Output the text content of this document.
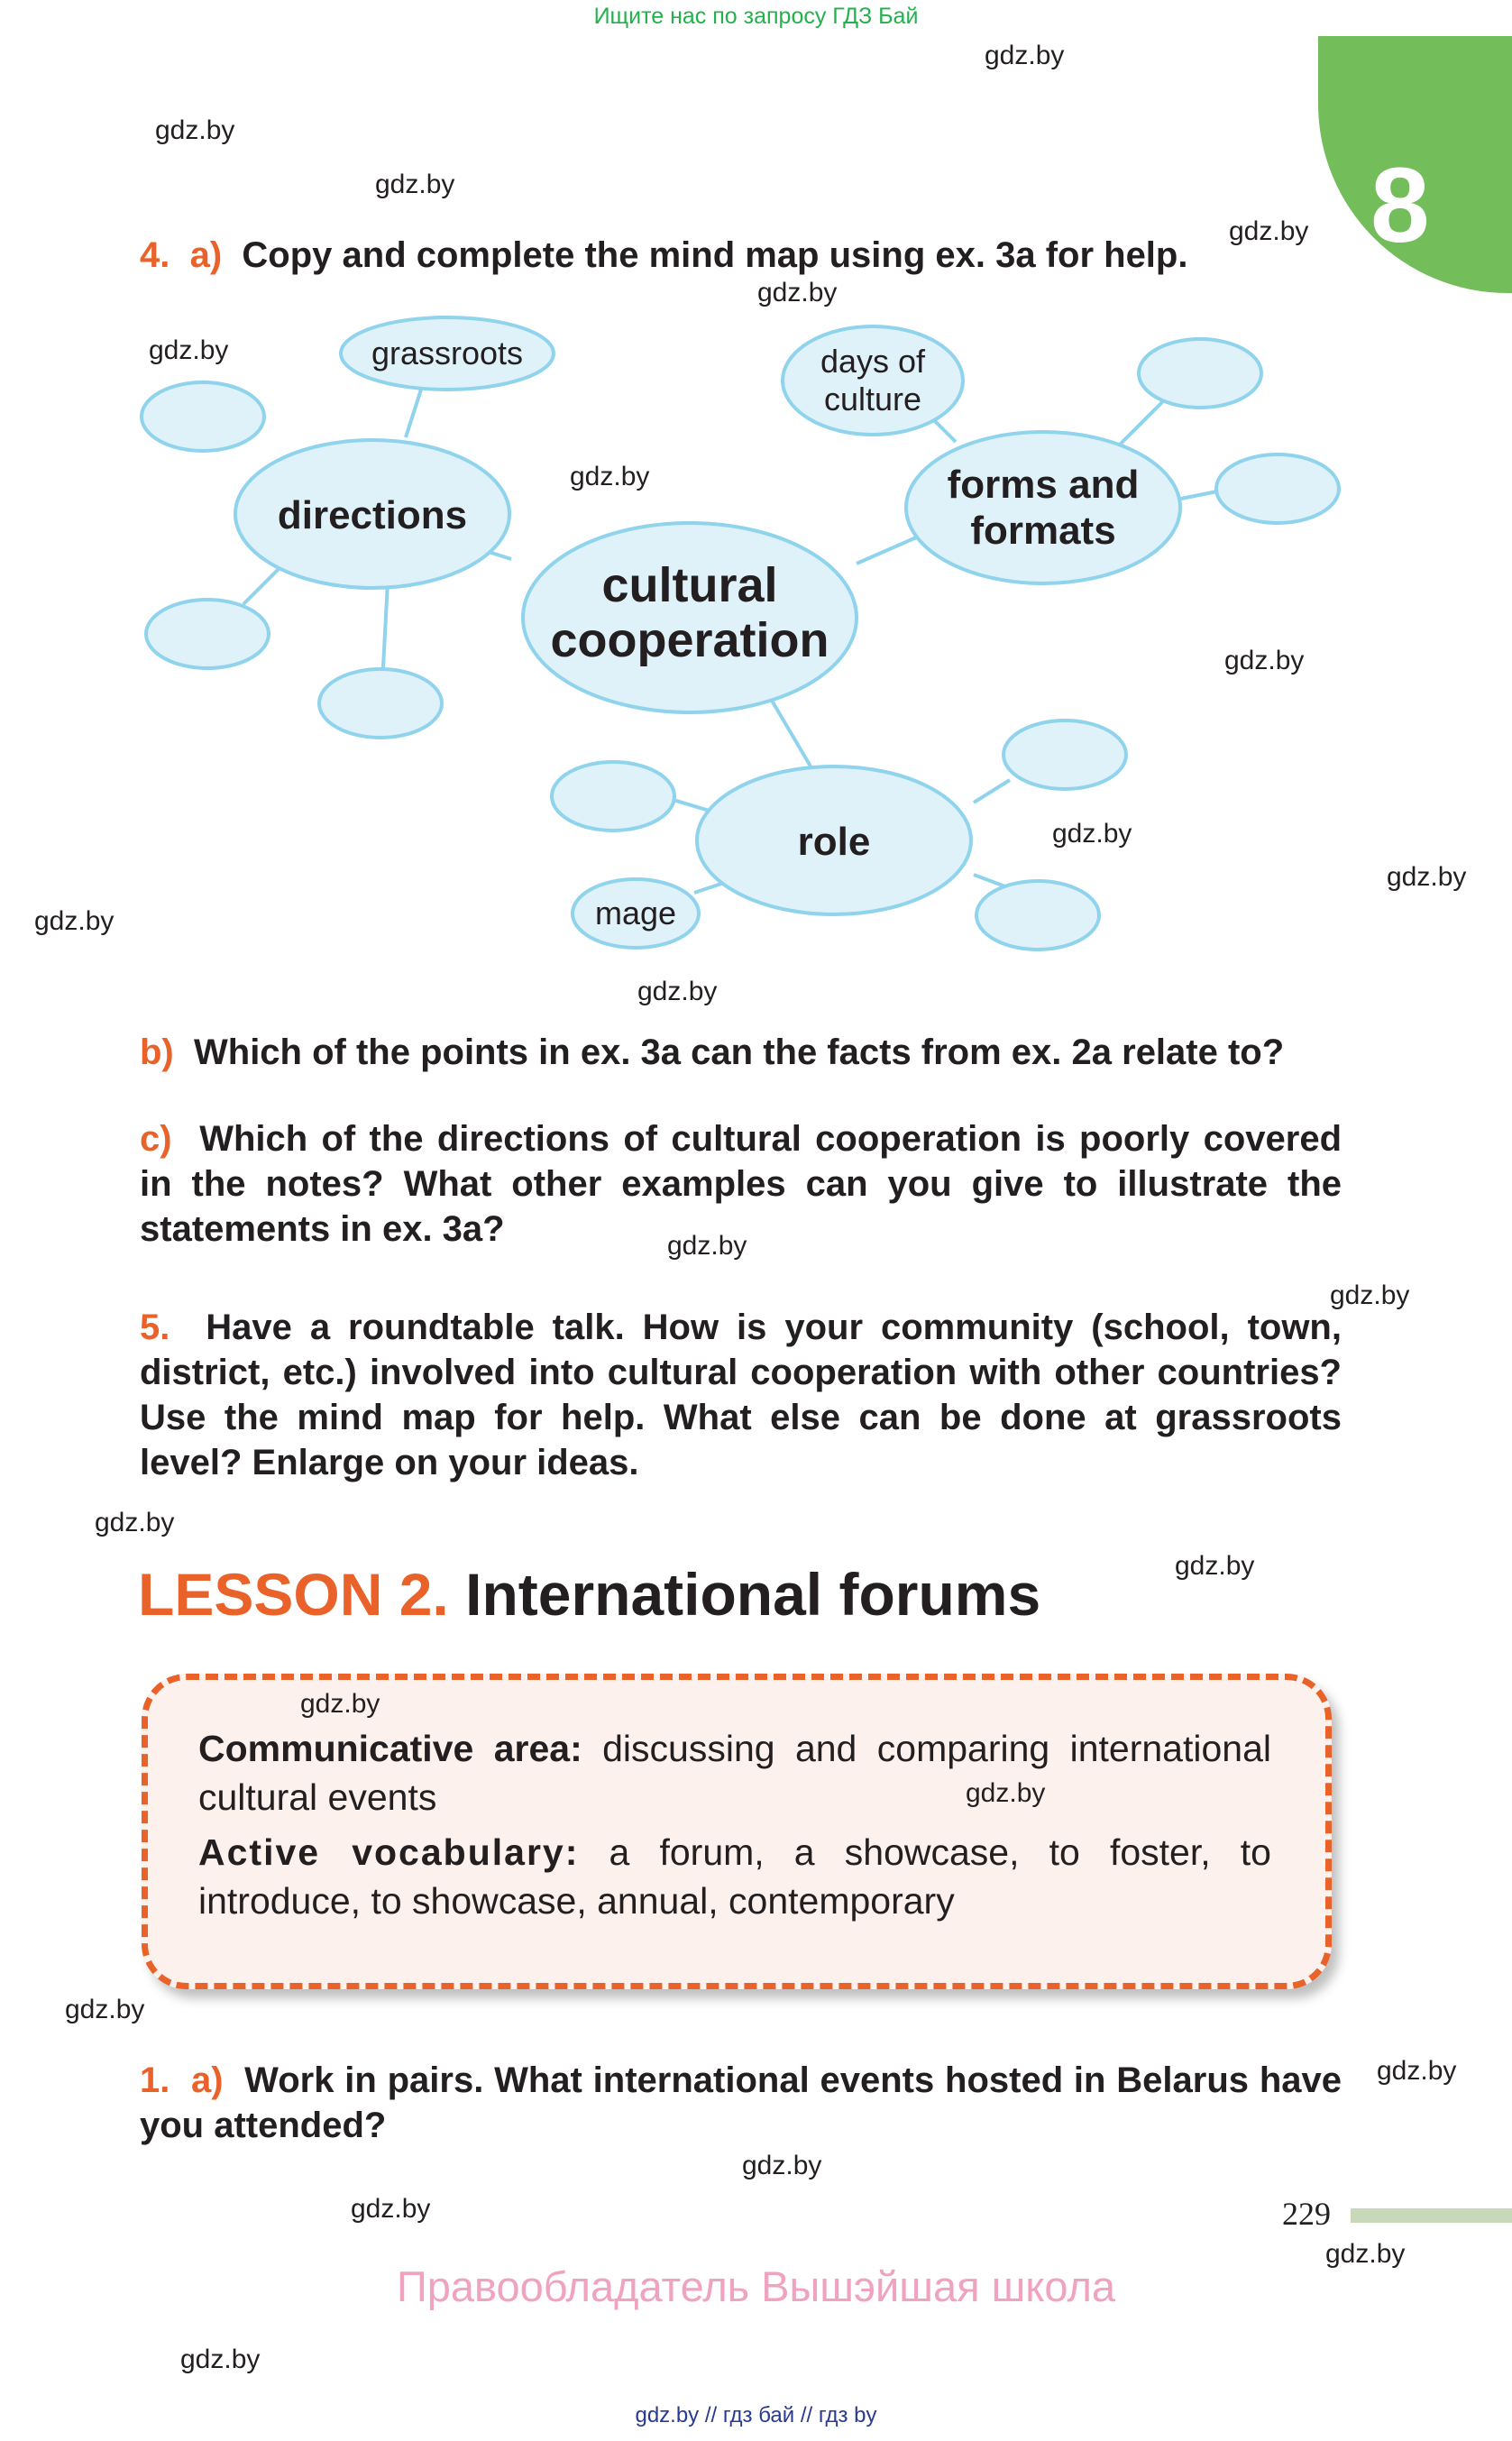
Ищите нас по запросу ГДЗ Бай
8
4. a) Copy and complete the mind map using ex. 3a for help.
cultural
cooperation
directions
forms and
formats
role
grassroots	days of
culture
mage
b) Which of the points in ex. 3a can the facts from ex. 2a relate to?
c) Which of the directions of cultural cooperation is poorly covered in the notes? What other examples can you give to illustrate the statements in ex. 3a?
5. Have a roundtable talk. How is your community (school, town, district, etc.) involved into cultural cooperation with other countries? Use the mind map for help. What else can be done at grassroots level? Enlarge on your ideas.
LESSON 2. International forums
Communicative area: discussing and comparing international cultural events
Active vocabulary: a forum, a showcase, to foster, to introduce, to showcase, annual, contemporary
1. a) Work in pairs. What international events hosted in Belarus have you attended?
229
Правообладатель Вышэйшая школа
gdz.by // гдз бай // гдз by
gdz.by
gdz.by
gdz.by
gdz.by
gdz.by
gdz.by
gdz.by
gdz.by
gdz.by
gdz.by
gdz.by
gdz.by
gdz.by
gdz.by
gdz.by
gdz.by
gdz.by
gdz.by
gdz.by
gdz.by
gdz.by
gdz.by
gdz.by
gdz.by
